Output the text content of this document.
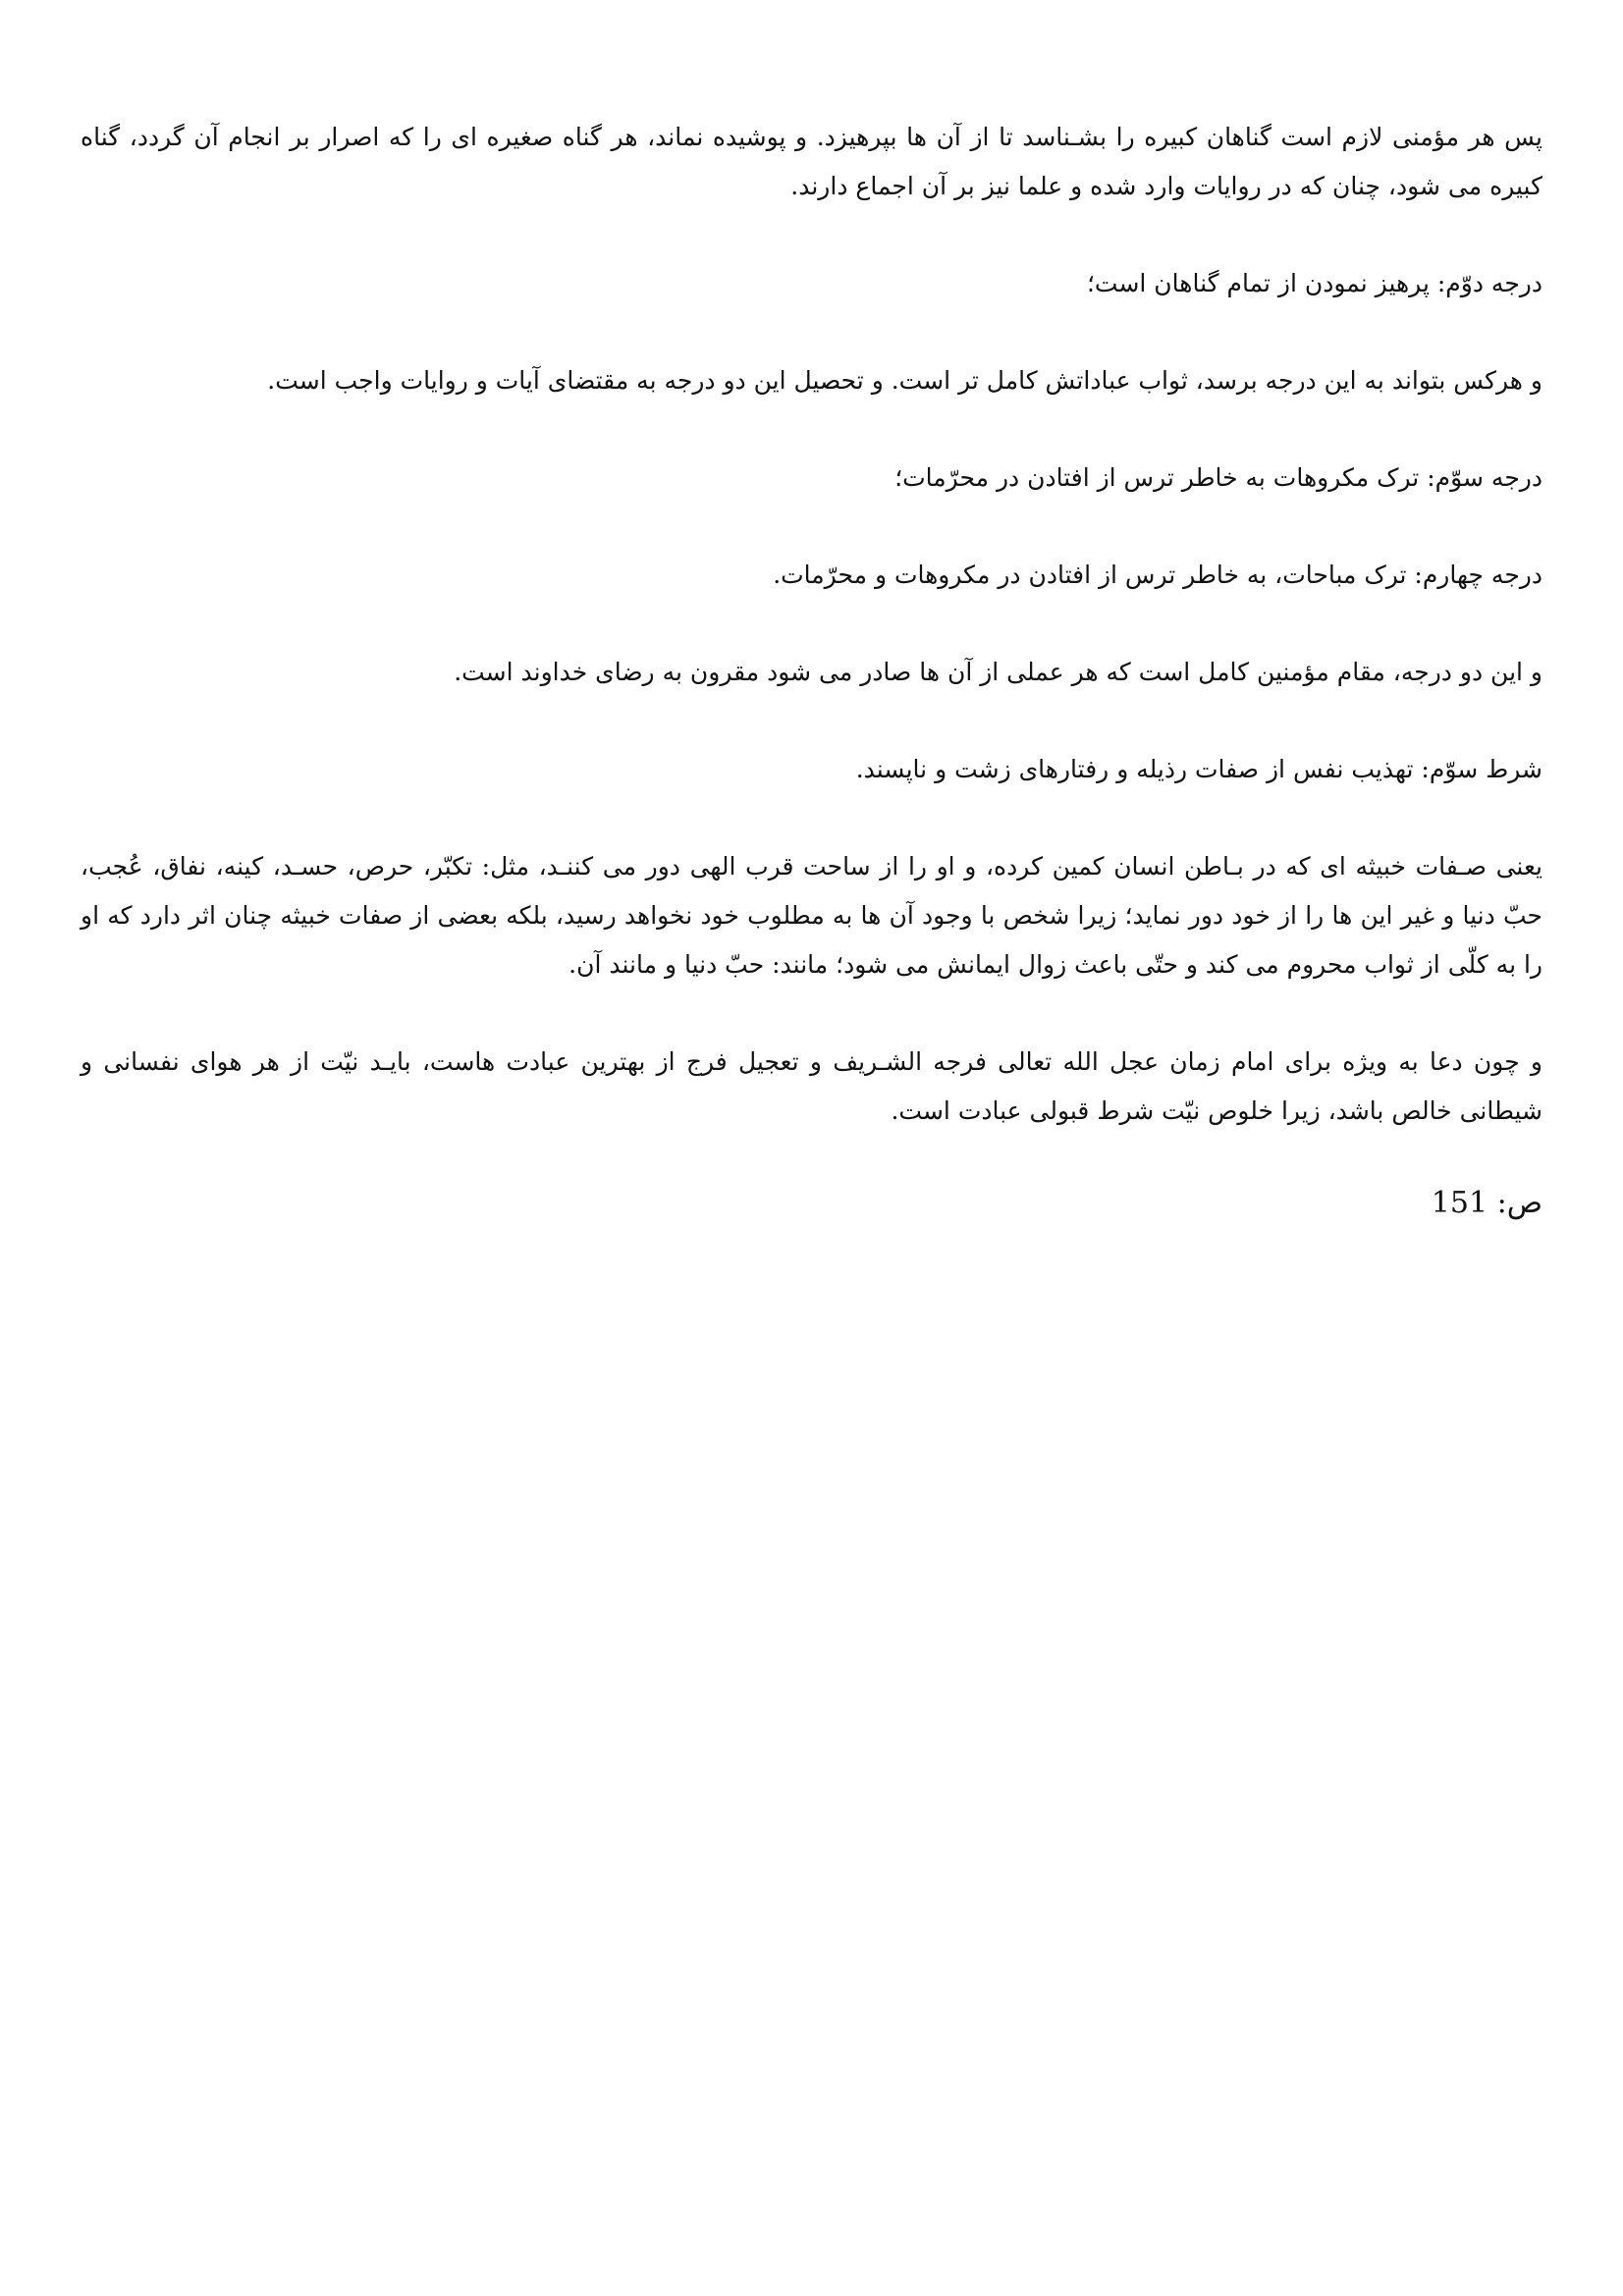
پس هر مؤمنی لازم است گناهان کبیره را بشـناسد تا از آن ها بپرهیزد. و پوشیده نماند، هر گناه صغیره ای را که اصرار بر انجام آن گردد، گناه کبیره می شود، چنان که در روایات وارد شده و علما نیز بر آن اجماع دارند.

درجه دوّم: پرهیز نمودن از تمام گناهان است؛

و هرکس بتواند به این درجه برسد، ثواب عباداتش کامل تر است. و تحصیل این دو درجه به مقتضای آیات و روایات واجب است.

درجه سوّم: ترک مکروهات به خاطر ترس از افتادن در محرّمات؛

درجه چهارم: ترک مباحات، به خاطر ترس از افتادن در مکروهات و محرّمات.

و این دو درجه، مقام مؤمنین کامل است که هر عملی از آن ها صادر می شود مقرون به رضای خداوند است.

شرط سوّم: تهذیب نفس از صفات رذیله و رفتارهای زشت و ناپسند.

یعنی صـفات خبیثه ای که در بـاطن انسان کمین کرده، و او را از ساحت قرب الهی دور می کننـد، مثل: تکبّر، حرص، حسـد، کینه، نفاق، عُجب، حبّ دنیا و غیر این ها را از خود دور نماید؛ زیرا شخص با وجود آن ها به مطلوب خود نخواهد رسید، بلکه بعضی از صفات خبیثه چنان اثر دارد که او را به کلّی از ثواب محروم می کند و حتّی باعث زوال ایمانش می شود؛ مانند: حبّ دنیا و مانند آن.

و چون دعا به ویژه برای امام زمان عجل الله تعالی فرجه الشـریف و تعجیل فرج از بهترین عبادت هاست، بایـد نیّت از هر هوای نفسانی و شیطانی خالص باشد، زیرا خلوص نیّت شرط قبولی عبادت است.

ص: 151
